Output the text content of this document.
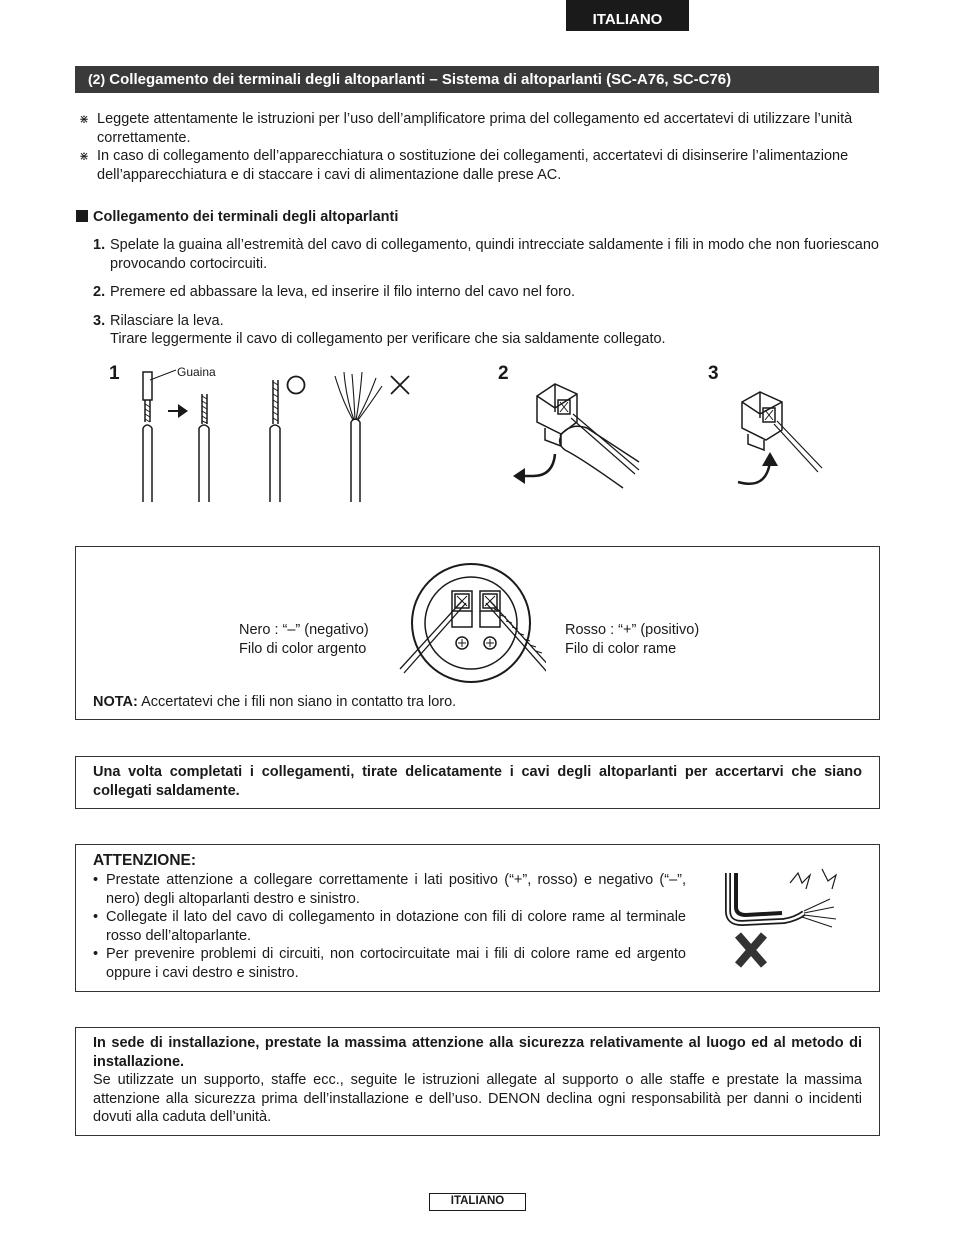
ITALIANO
(2) Collegamento dei terminali degli altoparlanti – Sistema di altoparlanti (SC-A76, SC-C76)
⋇ Leggete attentamente le istruzioni per l’uso dell’amplificatore prima del collegamento ed accertatevi di utilizzare l’unità correttamente.
⋇ In caso di collegamento dell’apparecchiatura o sostituzione dei collegamenti, accertatevi di disinserire l’alimentazione dell’apparecchiatura e di staccare i cavi di alimentazione dalle prese AC.
Collegamento dei terminali degli altoparlanti
1. Spelate la guaina all’estremità del cavo di collegamento, quindi intrecciate saldamente i fili in modo che non fuoriescano provocando cortocircuiti.
2. Premere ed abbassare la leva, ed inserire il filo interno del cavo nel foro.
3. Rilasciare la leva.
Tirare leggermente il cavo di collegamento per verificare che sia saldamente collegato.
1	2	3
Guaina
Nero : “–” (negativo)
Filo di color argento
Rosso : “+” (positivo)
Filo di color rame
NOTA: Accertatevi che i fili non siano in contatto tra loro.
Una volta completati i collegamenti, tirate delicatamente i cavi degli altoparlanti per accertarvi che siano collegati saldamente.
ATTENZIONE:
• Prestate attenzione a collegare correttamente i lati positivo (“+”, rosso) e negativo (“–”, nero) degli altoparlanti destro e sinistro.
• Collegate il lato del cavo di collegamento in dotazione con fili di colore rame al terminale rosso dell’altoparlante.
• Per prevenire problemi di circuiti, non cortocircuitate mai i fili di colore rame ed argento oppure i cavi destro e sinistro.
In sede di installazione, prestate la massima attenzione alla sicurezza relativamente al luogo ed al metodo di installazione.
Se utilizzate un supporto, staffe ecc., seguite le istruzioni allegate al supporto o alle staffe e prestate la massima attenzione alla sicurezza prima dell’installazione e dell’uso. DENON declina ogni responsabilità per danni o incidenti dovuti alla caduta dell’unità.
ITALIANO
